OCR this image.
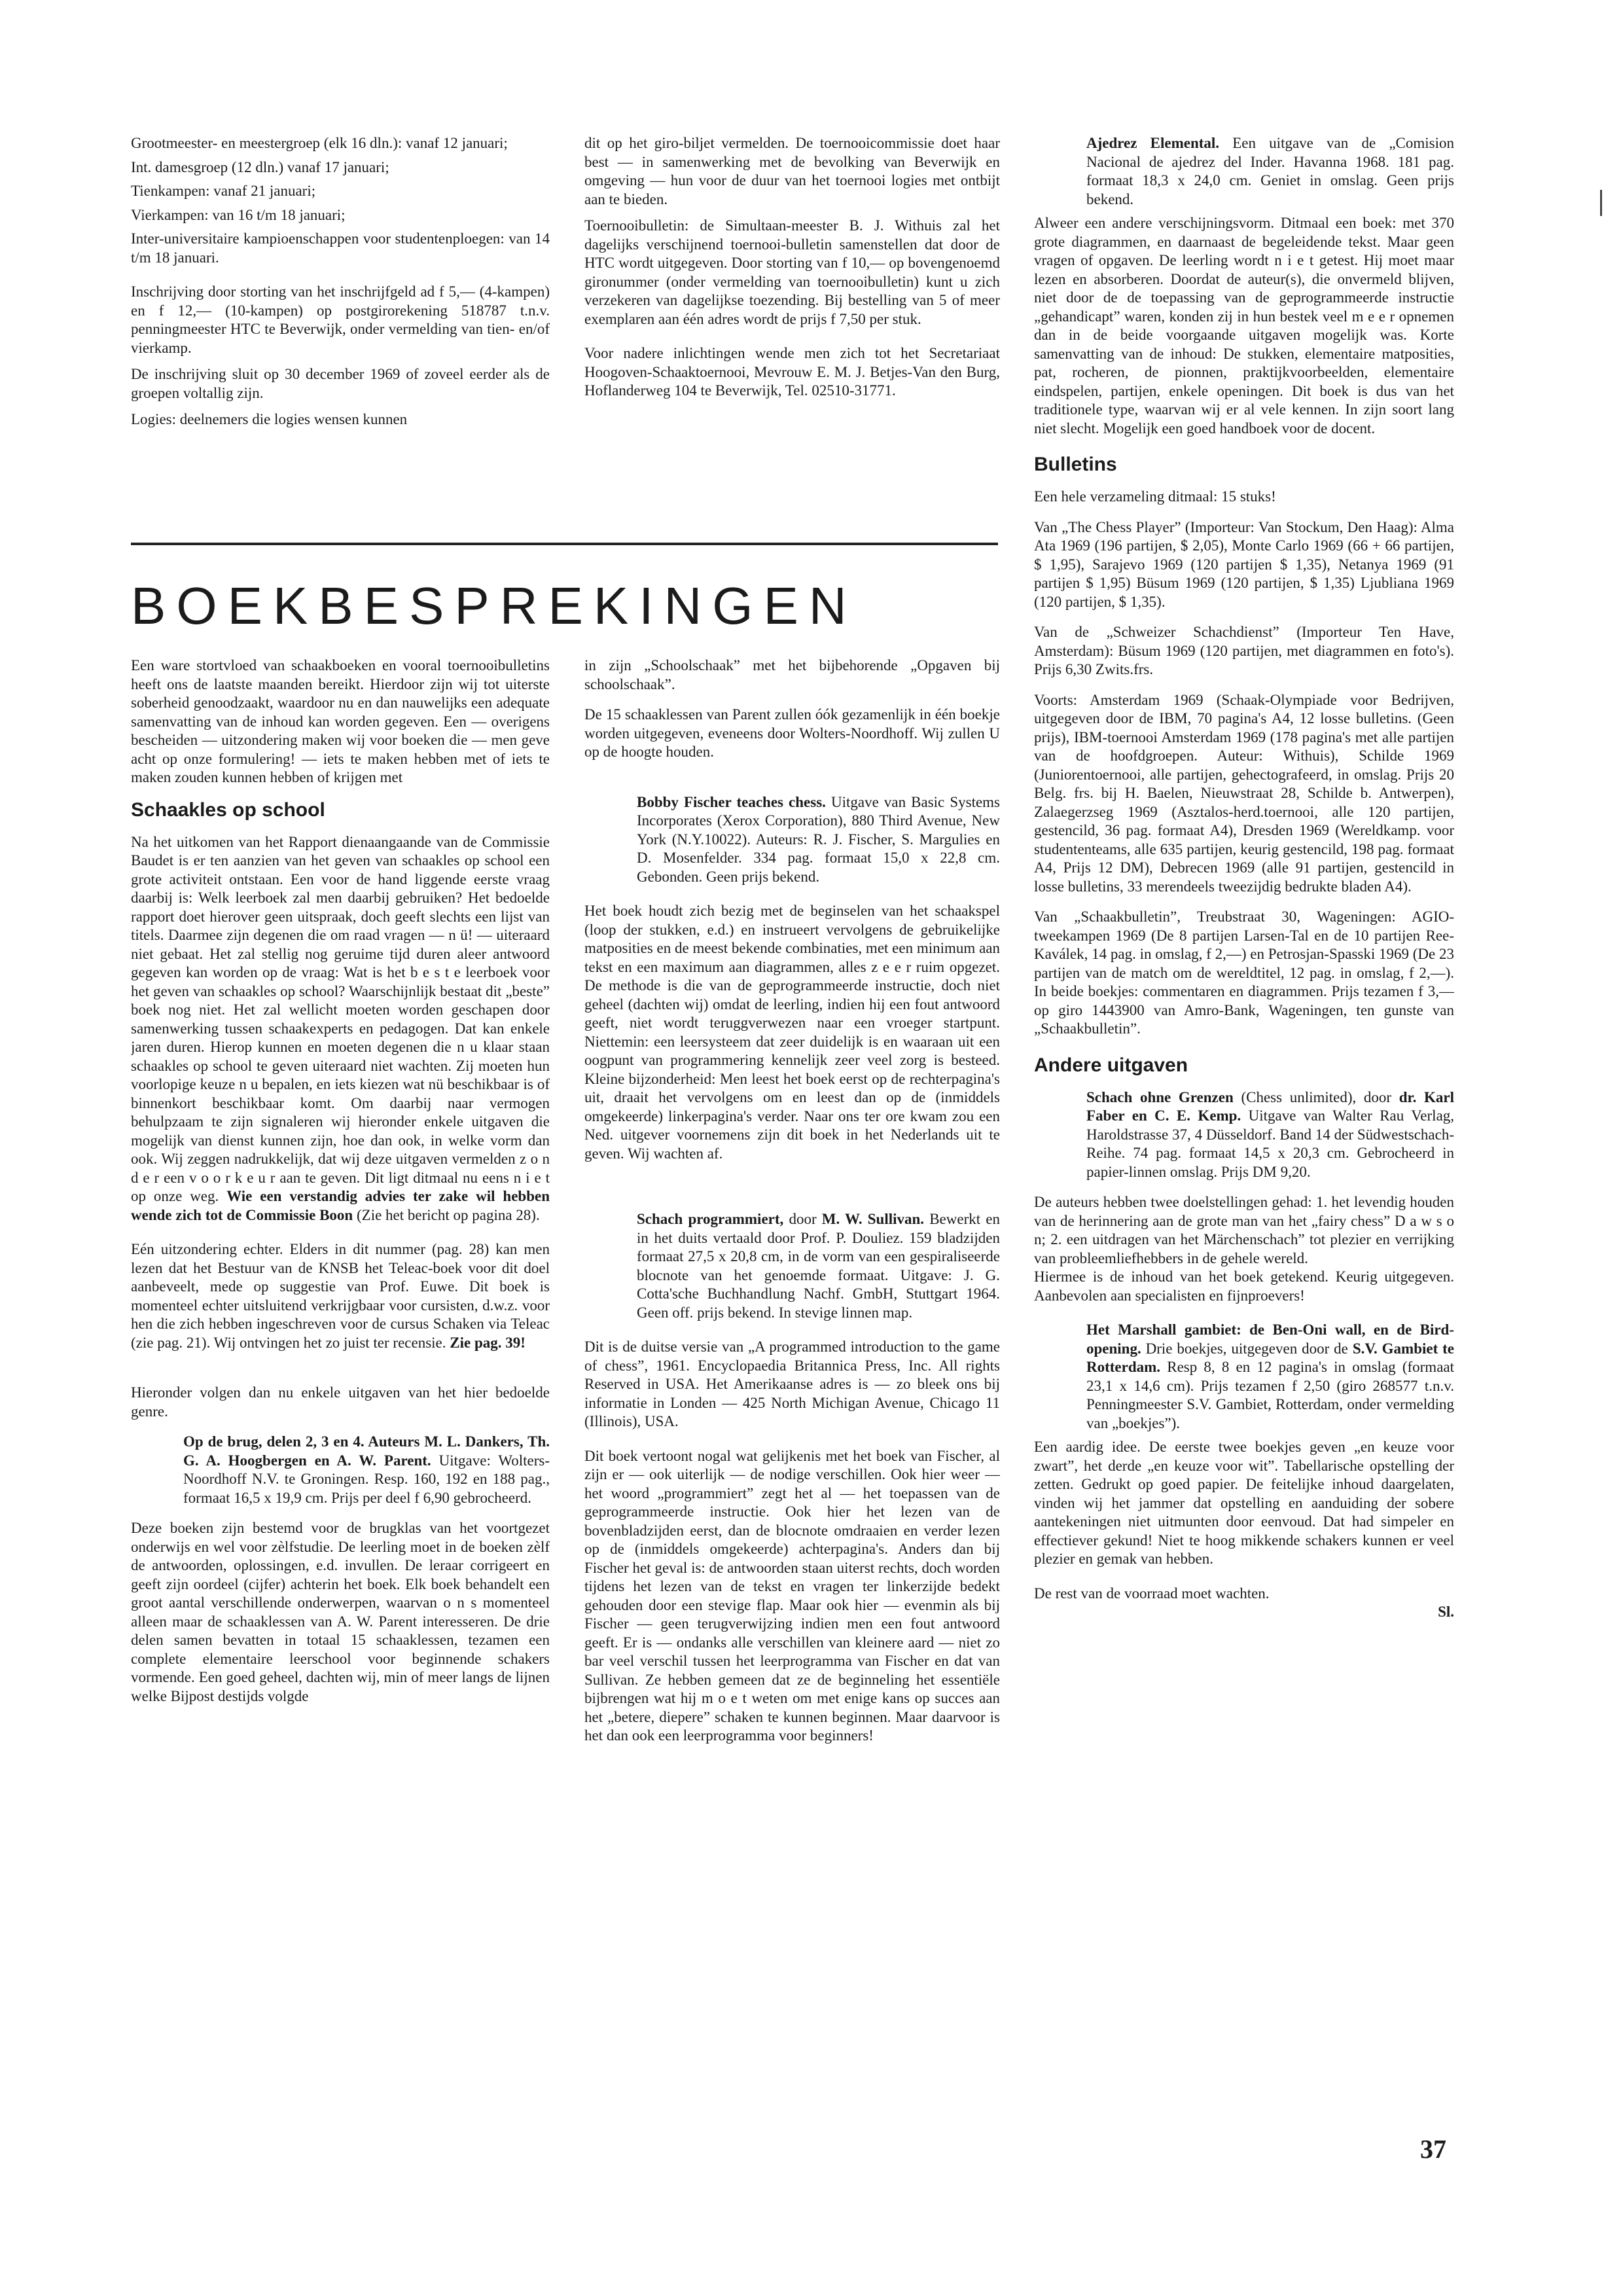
Grootmeester- en meestergroep (elk 16 dln.): vanaf 12 januari;

Int. damesgroep (12 dln.) vanaf 17 januari;

Tienkampen: vanaf 21 januari;

Vierkampen: van 16 t/m 18 januari;

Inter-universitaire kampioenschappen voor studentenploegen: van 14 t/m 18 januari.

Inschrijving door storting van het inschrijfgeld ad f 5,— (4-kampen) en f 12,— (10-kampen) op postgirorekening 518787 t.n.v. penningmeester HTC te Beverwijk, onder vermelding van tien- en/of vierkamp.

De inschrijving sluit op 30 december 1969 of zoveel eerder als de groepen voltallig zijn.

Logies: deelnemers die logies wensen kunnen

dit op het giro-biljet vermelden. De toernooicommissie doet haar best — in samenwerking met de bevolking van Beverwijk en omgeving — hun voor de duur van het toernooi logies met ontbijt aan te bieden.

Toernooibulletin: de Simultaan-meester B. J. Withuis zal het dagelijks verschijnend toernooi-bulletin samenstellen dat door de HTC wordt uitgegeven. Door storting van f 10,— op bovengenoemd gironummer (onder vermelding van toernooibulletin) kunt u zich verzekeren van dagelijkse toezending. Bij bestelling van 5 of meer exemplaren aan één adres wordt de prijs f 7,50 per stuk.

Voor nadere inlichtingen wende men zich tot het Secretariaat Hoogoven-Schaaktoernooi, Mevrouw E. M. J. Betjes-Van den Burg, Hoflanderweg 104 te Beverwijk, Tel. 02510-31771.

BOEKBESPREKINGEN

Een ware stortvloed van schaakboeken en vooral toernooibulletins heeft ons de laatste maanden bereikt. Hierdoor zijn wij tot uiterste soberheid genoodzaakt, waardoor nu en dan nauwelijks een adequate samenvatting van de inhoud kan worden gegeven. Een — overigens bescheiden — uitzondering maken wij voor boeken die — men geve acht op onze formulering! — iets te maken hebben met of iets te maken zouden kunnen hebben of krijgen met

Schaakles op school

Na het uitkomen van het Rapport dienaangaande van de Commissie Baudet is er ten aanzien van het geven van schaakles op school een grote activiteit ontstaan. Een voor de hand liggende eerste vraag daarbij is: Welk leerboek zal men daarbij gebruiken? Het bedoelde rapport doet hierover geen uitspraak, doch geeft slechts een lijst van titels. Daarmee zijn degenen die om raad vragen — n ü! — uiteraard niet gebaat. Het zal stellig nog geruime tijd duren aleer antwoord gegeven kan worden op de vraag: Wat is het b e s t e leerboek voor het geven van schaakles op school? Waarschijnlijk bestaat dit „beste” boek nog niet. Het zal wellicht moeten worden geschapen door samenwerking tussen schaakexperts en pedagogen. Dat kan enkele jaren duren. Hierop kunnen en moeten degenen die n u klaar staan schaakles op school te geven uiteraard niet wachten. Zij moeten hun voorlopige keuze n u bepalen, en iets kiezen wat nü beschikbaar is of binnenkort beschikbaar komt. Om daarbij naar vermogen behulpzaam te zijn signaleren wij hieronder enkele uitgaven die mogelijk van dienst kunnen zijn, hoe dan ook, in welke vorm dan ook. Wij zeggen nadrukkelijk, dat wij deze uitgaven vermelden z o n d e r een v o o r k e u r aan te geven. Dit ligt ditmaal nu eens n i e t op onze weg. Wie een verstandig advies ter zake wil hebben wende zich tot de Commissie Boon (Zie het bericht op pagina 28).

Eén uitzondering echter. Elders in dit nummer (pag. 28) kan men lezen dat het Bestuur van de KNSB het Teleac-boek voor dit doel aanbeveelt, mede op suggestie van Prof. Euwe. Dit boek is momenteel echter uitsluitend verkrijgbaar voor cursisten, d.w.z. voor hen die zich hebben ingeschreven voor de cursus Schaken via Teleac (zie pag. 21). Wij ontvingen het zo juist ter recensie. Zie pag. 39!

Hieronder volgen dan nu enkele uitgaven van het hier bedoelde genre.

Op de brug, delen 2, 3 en 4. Auteurs M. L. Dankers, Th. G. A. Hoogbergen en A. W. Parent. Uitgave: Wolters-Noordhoff N.V. te Groningen. Resp. 160, 192 en 188 pag., formaat 16,5 x 19,9 cm. Prijs per deel f 6,90 gebrocheerd.

Deze boeken zijn bestemd voor de brugklas van het voortgezet onderwijs en wel voor zèlfstudie. De leerling moet in de boeken zèlf de antwoorden, oplossingen, e.d. invullen. De leraar corrigeert en geeft zijn oordeel (cijfer) achterin het boek. Elk boek behandelt een groot aantal verschillende onderwerpen, waarvan o n s momenteel alleen maar de schaaklessen van A. W. Parent interesseren. De drie delen samen bevatten in totaal 15 schaaklessen, tezamen een complete elementaire leerschool voor beginnende schakers vormende. Een goed geheel, dachten wij, min of meer langs de lijnen welke Bijpost destijds volgde

in zijn „Schoolschaak” met het bijbehorende „Opgaven bij schoolschaak”.

De 15 schaaklessen van Parent zullen óók gezamenlijk in één boekje worden uitgegeven, eveneens door Wolters-Noordhoff. Wij zullen U op de hoogte houden.

Bobby Fischer teaches chess. Uitgave van Basic Systems Incorporates (Xerox Corporation), 880 Third Avenue, New York (N.Y.10022). Auteurs: R. J. Fischer, S. Margulies en D. Mosenfelder. 334 pag. formaat 15,0 x 22,8 cm. Gebonden. Geen prijs bekend.

Het boek houdt zich bezig met de beginselen van het schaakspel (loop der stukken, e.d.) en instrueert vervolgens de gebruikelijke matposities en de meest bekende combinaties, met een minimum aan tekst en een maximum aan diagrammen, alles z e e r ruim opgezet. De methode is die van de geprogrammeerde instructie, doch niet geheel (dachten wij) omdat de leerling, indien hij een fout antwoord geeft, niet wordt teruggverwezen naar een vroeger startpunt. Niettemin: een leersysteem dat zeer duidelijk is en waaraan uit een oogpunt van programmering kennelijk zeer veel zorg is besteed. Kleine bijzonderheid: Men leest het boek eerst op de rechterpagina's uit, draait het vervolgens om en leest dan op de (inmiddels omgekeerde) linkerpagina's verder. Naar ons ter ore kwam zou een Ned. uitgever voornemens zijn dit boek in het Nederlands uit te geven. Wij wachten af.

Schach programmiert, door M. W. Sullivan. Bewerkt en in het duits vertaald door Prof. P. Douliez. 159 bladzijden formaat 27,5 x 20,8 cm, in de vorm van een gespiraliseerde blocnote van het genoemde formaat. Uitgave: J. G. Cotta'sche Buchhandlung Nachf. GmbH, Stuttgart 1964. Geen off. prijs bekend. In stevige linnen map.

Dit is de duitse versie van „A programmed introduction to the game of chess”, 1961. Encyclopaedia Britannica Press, Inc. All rights Reserved in USA. Het Amerikaanse adres is — zo bleek ons bij informatie in Londen — 425 North Michigan Avenue, Chicago 11 (Illinois), USA.

Dit boek vertoont nogal wat gelijkenis met het boek van Fischer, al zijn er — ook uiterlijk — de nodige verschillen. Ook hier weer — het woord „programmiert” zegt het al — het toepassen van de geprogrammeerde instructie. Ook hier het lezen van de bovenbladzijden eerst, dan de blocnote omdraaien en verder lezen op de (inmiddels omgekeerde) achterpagina's. Anders dan bij Fischer het geval is: de antwoorden staan uiterst rechts, doch worden tijdens het lezen van de tekst en vragen ter linkerzijde bedekt gehouden door een stevige flap. Maar ook hier — evenmin als bij Fischer — geen terugverwijzing indien men een fout antwoord geeft. Er is — ondanks alle verschillen van kleinere aard — niet zo bar veel verschil tussen het leerprogramma van Fischer en dat van Sullivan. Ze hebben gemeen dat ze de beginneling het essentiële bijbrengen wat hij m o e t weten om met enige kans op succes aan het „betere, diepere” schaken te kunnen beginnen. Maar daarvoor is het dan ook een leerprogramma voor beginners!

Ajedrez Elemental. Een uitgave van de „Comision Nacional de ajedrez del Inder. Havanna 1968. 181 pag. formaat 18,3 x 24,0 cm. Geniet in omslag. Geen prijs bekend.

Alweer een andere verschijningsvorm. Ditmaal een boek: met 370 grote diagrammen, en daarnaast de begeleidende tekst. Maar geen vragen of opgaven. De leerling wordt n i e t getest. Hij moet maar lezen en absorberen. Doordat de auteur(s), die onvermeld blijven, niet door de de toepassing van de geprogrammeerde instructie „gehandicapt” waren, konden zij in hun bestek veel m e e r opnemen dan in de beide voorgaande uitgaven mogelijk was. Korte samenvatting van de inhoud: De stukken, elementaire matposities, pat, rocheren, de pionnen, praktijkvoorbeelden, elementaire eindspelen, partijen, enkele openingen. Dit boek is dus van het traditionele type, waarvan wij er al vele kennen. In zijn soort lang niet slecht. Mogelijk een goed handboek voor de docent.

Bulletins

Een hele verzameling ditmaal: 15 stuks!

Van „The Chess Player” (Importeur: Van Stockum, Den Haag): Alma Ata 1969 (196 partijen, $ 2,05), Monte Carlo 1969 (66 + 66 partijen, $ 1,95), Sarajevo 1969 (120 partijen $ 1,35), Netanya 1969 (91 partijen $ 1,95) Büsum 1969 (120 partijen, $ 1,35) Ljubliana 1969 (120 partijen, $ 1,35).

Van de „Schweizer Schachdienst” (Importeur Ten Have, Amsterdam): Büsum 1969 (120 partijen, met diagrammen en foto's). Prijs 6,30 Zwits.frs.

Voorts: Amsterdam 1969 (Schaak-Olympiade voor Bedrijven, uitgegeven door de IBM, 70 pagina's A4, 12 losse bulletins. (Geen prijs), IBM-toernooi Amsterdam 1969 (178 pagina's met alle partijen van de hoofdgroepen. Auteur: Withuis), Schilde 1969 (Juniorentoernooi, alle partijen, gehectografeerd, in omslag. Prijs 20 Belg. frs. bij H. Baelen, Nieuwstraat 28, Schilde b. Antwerpen), Zalaegerzseg 1969 (Asztalos-herd.toernooi, alle 120 partijen, gestencild, 36 pag. formaat A4), Dresden 1969 (Wereldkamp. voor studententeams, alle 635 partijen, keurig gestencild, 198 pag. formaat A4, Prijs 12 DM), Debrecen 1969 (alle 91 partijen, gestencild in losse bulletins, 33 merendeels tweezijdig bedrukte bladen A4).

Van „Schaakbulletin”, Treubstraat 30, Wageningen: AGIO-tweekampen 1969 (De 8 partijen Larsen-Tal en de 10 partijen Ree-Kaválek, 14 pag. in omslag, f 2,—) en Petrosjan-Spasski 1969 (De 23 partijen van de match om de wereldtitel, 12 pag. in omslag, f 2,—). In beide boekjes: commentaren en diagrammen. Prijs tezamen f 3,— op giro 1443900 van Amro-Bank, Wageningen, ten gunste van „Schaakbulletin”.

Andere uitgaven

Schach ohne Grenzen (Chess unlimited), door dr. Karl Faber en C. E. Kemp. Uitgave van Walter Rau Verlag, Haroldstrasse 37, 4 Düsseldorf. Band 14 der Südwestschach-Reihe. 74 pag. formaat 14,5 x 20,3 cm. Gebrocheerd in papier-linnen omslag. Prijs DM 9,20.

De auteurs hebben twee doelstellingen gehad: 1. het levendig houden van de herinnering aan de grote man van het „fairy chess” D a w s o n; 2. een uitdragen van het Märchenschach” tot plezier en verrijking van probleemliefhebbers in de gehele wereld.

Hiermee is de inhoud van het boek getekend. Keurig uitgegeven. Aanbevolen aan specialisten en fijnproevers!

Het Marshall gambiet: de Ben-Oni wall, en de Bird-opening. Drie boekjes, uitgegeven door de S.V. Gambiet te Rotterdam. Resp 8, 8 en 12 pagina's in omslag (formaat 23,1 x 14,6 cm). Prijs tezamen f 2,50 (giro 268577 t.n.v. Penningmeester S.V. Gambiet, Rotterdam, onder vermelding van „boekjes”).

Een aardig idee. De eerste twee boekjes geven „en keuze voor zwart”, het derde „en keuze voor wit”. Tabellarische opstelling der zetten. Gedrukt op goed papier. De feitelijke inhoud daargelaten, vinden wij het jammer dat opstelling en aanduiding der sobere aantekeningen niet uitmunten door eenvoud. Dat had simpeler en effectiever gekund! Niet te hoog mikkende schakers kunnen er veel plezier en gemak van hebben.

De rest van de voorraad moet wachten.

Sl.

37
